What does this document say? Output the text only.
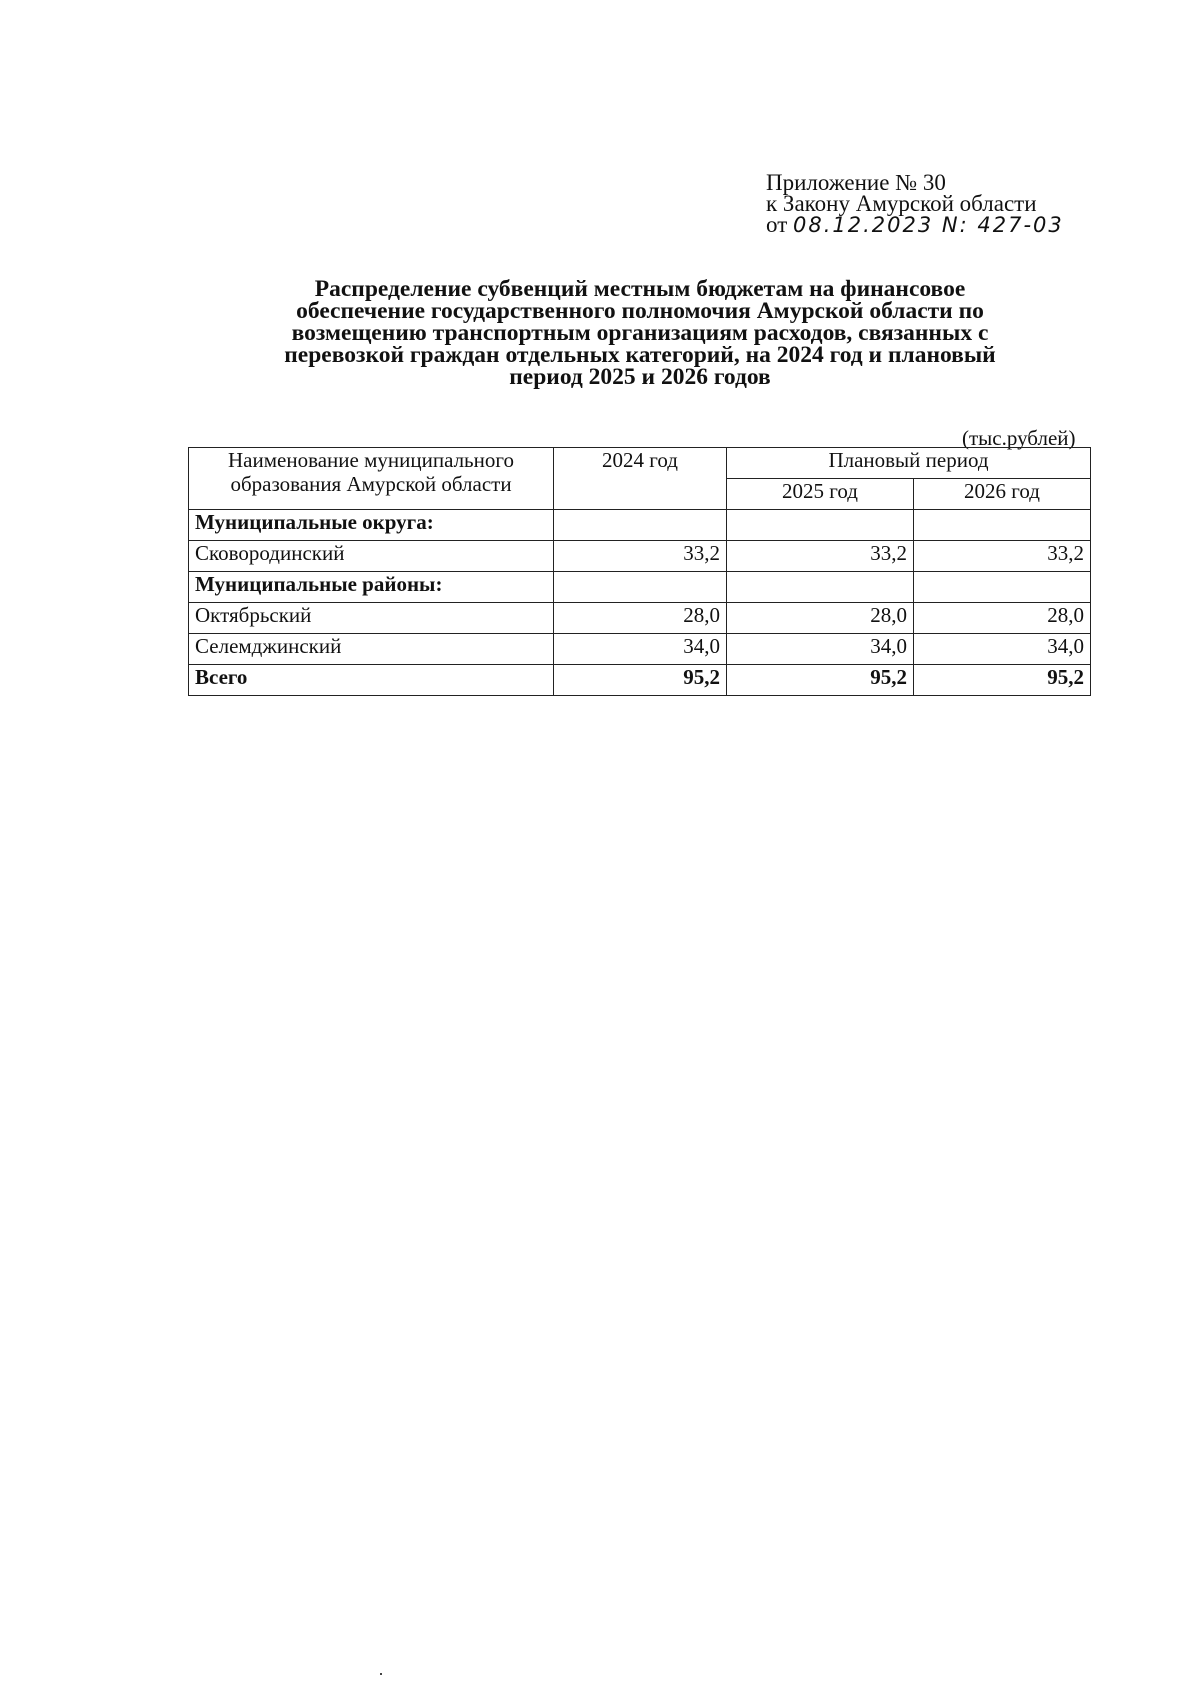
Приложение № 30
к Закону Амурской области
от 08.12.2023 N: 427-03
Распределение субвенций местным бюджетам на финансовое
обеспечение государственного полномочия Амурской области по
возмещению транспортным организациям расходов, связанных с
перевозкой граждан отдельных категорий, на 2024 год и плановый
период 2025 и 2026 годов
(тыс.рублей)
Наименование муниципального
образования Амурской области	2024 год	Плановый период	
		2025 год	2026 год
Муниципальные округа:			
Сковородинский	33,2	33,2	33,2
Муниципальные районы:			
Октябрьский	28,0	28,0	28,0
Селемджинский	34,0	34,0	34,0
Всего	95,2	95,2	95,2
